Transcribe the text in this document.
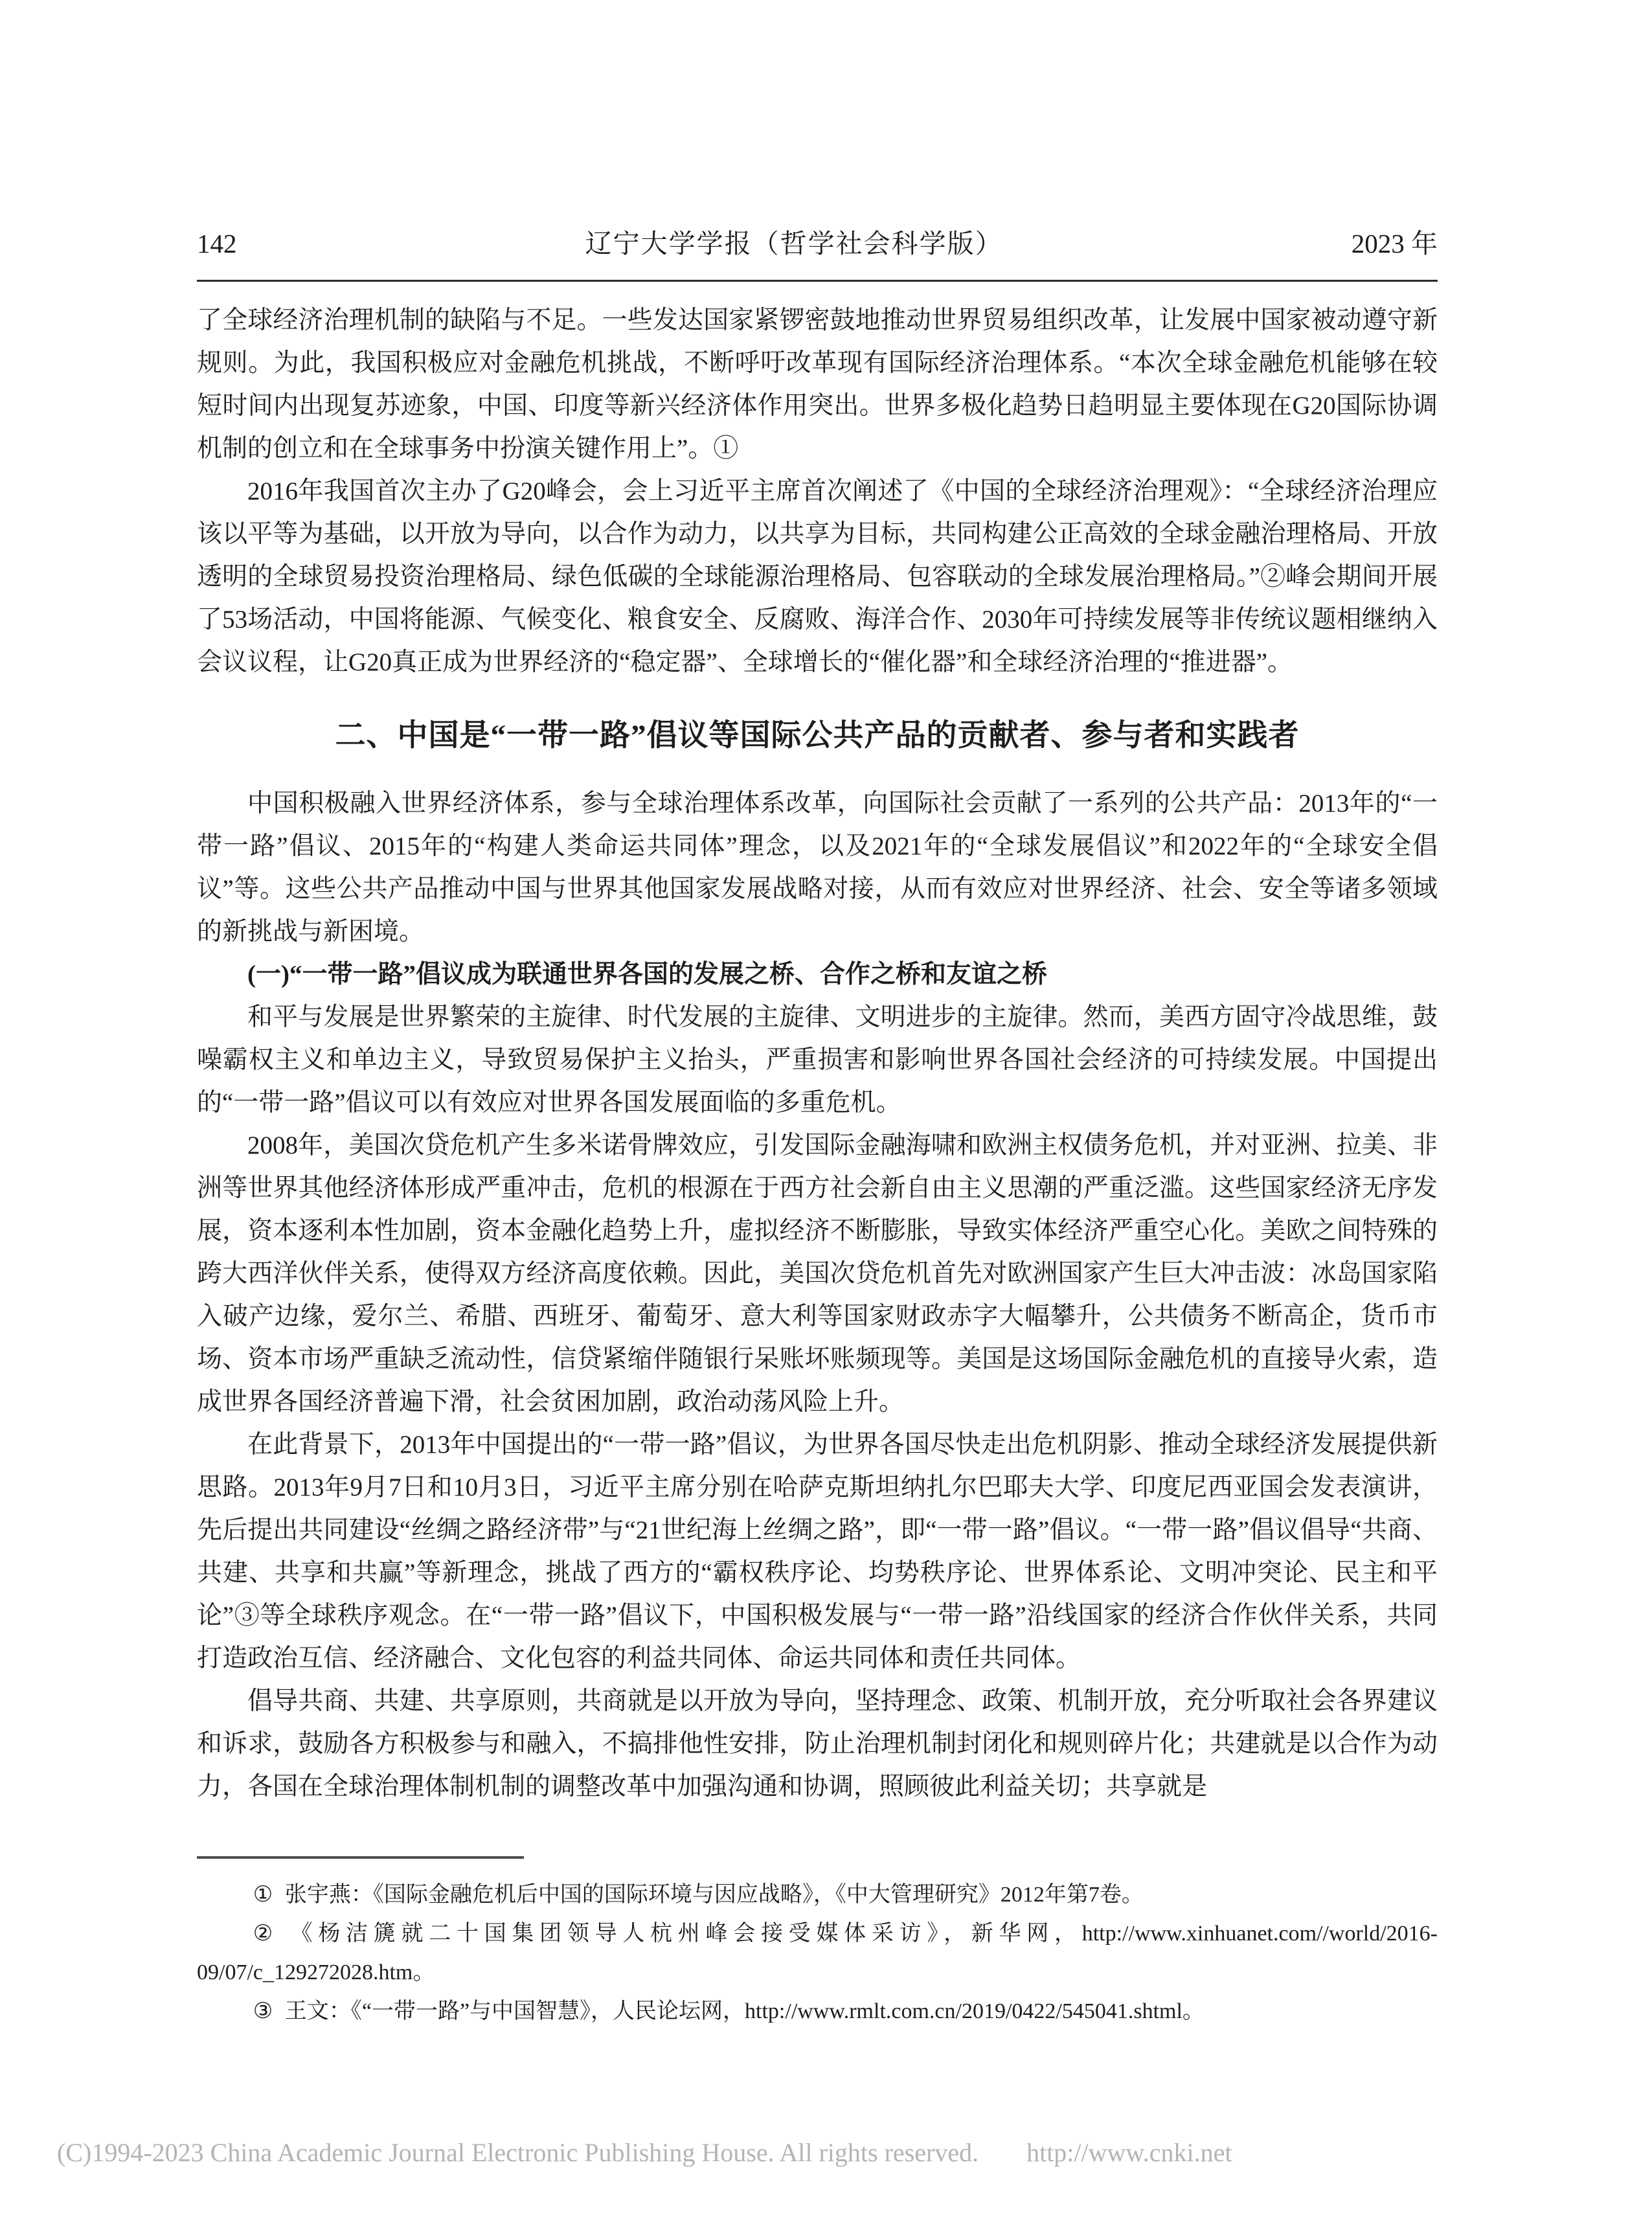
142	辽宁大学学报（哲学社会科学版）	2023 年

了全球经济治理机制的缺陷与不足。一些发达国家紧锣密鼓地推动世界贸易组织改革，让发展中国家被动遵守新规则。为此，我国积极应对金融危机挑战，不断呼吁改革现有国际经济治理体系。“本次全球金融危机能够在较短时间内出现复苏迹象，中国、印度等新兴经济体作用突出。世界多极化趋势日趋明显主要体现在G20国际协调机制的创立和在全球事务中扮演关键作用上”。①

2016年我国首次主办了G20峰会，会上习近平主席首次阐述了《中国的全球经济治理观》：“全球经济治理应该以平等为基础，以开放为导向，以合作为动力，以共享为目标，共同构建公正高效的全球金融治理格局、开放透明的全球贸易投资治理格局、绿色低碳的全球能源治理格局、包容联动的全球发展治理格局。”②峰会期间开展了53场活动，中国将能源、气候变化、粮食安全、反腐败、海洋合作、2030年可持续发展等非传统议题相继纳入会议议程，让G20真正成为世界经济的“稳定器”、全球增长的“催化器”和全球经济治理的“推进器”。

二、中国是“一带一路”倡议等国际公共产品的贡献者、参与者和实践者

中国积极融入世界经济体系，参与全球治理体系改革，向国际社会贡献了一系列的公共产品：2013年的“一带一路”倡议、2015年的“构建人类命运共同体”理念，以及2021年的“全球发展倡议”和2022年的“全球安全倡议”等。这些公共产品推动中国与世界其他国家发展战略对接，从而有效应对世界经济、社会、安全等诸多领域的新挑战与新困境。

(一)“一带一路”倡议成为联通世界各国的发展之桥、合作之桥和友谊之桥

和平与发展是世界繁荣的主旋律、时代发展的主旋律、文明进步的主旋律。然而，美西方固守冷战思维，鼓噪霸权主义和单边主义，导致贸易保护主义抬头，严重损害和影响世界各国社会经济的可持续发展。中国提出的“一带一路”倡议可以有效应对世界各国发展面临的多重危机。

2008年，美国次贷危机产生多米诺骨牌效应，引发国际金融海啸和欧洲主权债务危机，并对亚洲、拉美、非洲等世界其他经济体形成严重冲击，危机的根源在于西方社会新自由主义思潮的严重泛滥。这些国家经济无序发展，资本逐利本性加剧，资本金融化趋势上升，虚拟经济不断膨胀，导致实体经济严重空心化。美欧之间特殊的跨大西洋伙伴关系，使得双方经济高度依赖。因此，美国次贷危机首先对欧洲国家产生巨大冲击波：冰岛国家陷入破产边缘，爱尔兰、希腊、西班牙、葡萄牙、意大利等国家财政赤字大幅攀升，公共债务不断高企，货币市场、资本市场严重缺乏流动性，信贷紧缩伴随银行呆账坏账频现等。美国是这场国际金融危机的直接导火索，造成世界各国经济普遍下滑，社会贫困加剧，政治动荡风险上升。

在此背景下，2013年中国提出的“一带一路”倡议，为世界各国尽快走出危机阴影、推动全球经济发展提供新思路。2013年9月7日和10月3日，习近平主席分别在哈萨克斯坦纳扎尔巴耶夫大学、印度尼西亚国会发表演讲，先后提出共同建设“丝绸之路经济带”与“21世纪海上丝绸之路”，即“一带一路”倡议。“一带一路”倡议倡导“共商、共建、共享和共赢”等新理念，挑战了西方的“霸权秩序论、均势秩序论、世界体系论、文明冲突论、民主和平论”③等全球秩序观念。在“一带一路”倡议下，中国积极发展与“一带一路”沿线国家的经济合作伙伴关系，共同打造政治互信、经济融合、文化包容的利益共同体、命运共同体和责任共同体。

倡导共商、共建、共享原则，共商就是以开放为导向，坚持理念、政策、机制开放，充分听取社会各界建议和诉求，鼓励各方积极参与和融入，不搞排他性安排，防止治理机制封闭化和规则碎片化；共建就是以合作为动力，各国在全球治理体制机制的调整改革中加强沟通和协调，照顾彼此利益关切；共享就是

① 张宇燕：《国际金融危机后中国的国际环境与因应战略》，《中大管理研究》2012年第7卷。

② 《杨洁篪就二十国集团领导人杭州峰会接受媒体采访》，新华网，http://www.xinhuanet.com//world/2016-09/07/c_129272028.htm。

③ 王文：《“一带一路”与中国智慧》，人民论坛网，http://www.rmlt.com.cn/2019/0422/545041.shtml。

(C)1994-2023 China Academic Journal Electronic Publishing House. All rights reserved. http://www.cnki.net
